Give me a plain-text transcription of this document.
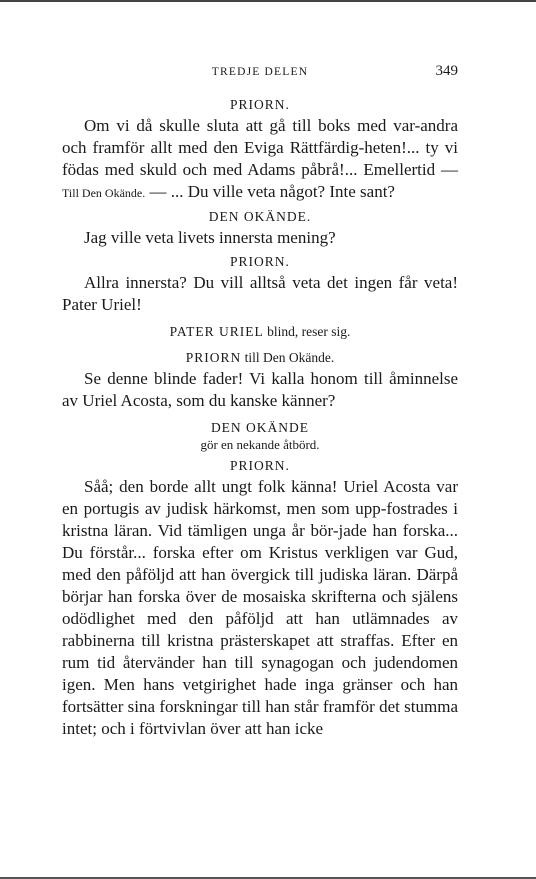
TREDJE DELEN	349
PRIORN.

Om vi då skulle sluta att gå till boks med var-andra och framför allt med den Eviga Rättfärdig-heten!... ty vi födas med skuld och med Adams påbrå!... Emellertid — Till Den Okände. — ... Du ville veta något? Inte sant?

DEN OKÄNDE.

Jag ville veta livets innersta mening?

PRIORN.

Allra innersta? Du vill alltså veta det ingen får veta! Pater Uriel!

PATER URIEL blind, reser sig.
PRIORN till Den Okände.

Se denne blinde fader! Vi kalla honom till åminnelse av Uriel Acosta, som du kanske känner?

DEN OKÄNDE
gör en nekande åtbörd.
PRIORN.

Såå; den borde allt ungt folk känna! Uriel Acosta var en portugis av judisk härkomst, men som upp-fostrades i kristna läran. Vid tämligen unga år bör-jade han forska... Du förstår... forska efter om Kristus verkligen var Gud, med den påföljd att han övergick till judiska läran. Därpå börjar han forska över de mosaiska skrifterna och själens odödlighet med den påföljd att han utlämnades av rabbinerna till kristna prästerskapet att straffas. Efter en rum tid återvänder han till synagogan och judendomen igen. Men hans vetgirighet hade inga gränser och han fortsätter sina forskningar till han står framför det stumma intet; och i förtvivlan över att han icke
